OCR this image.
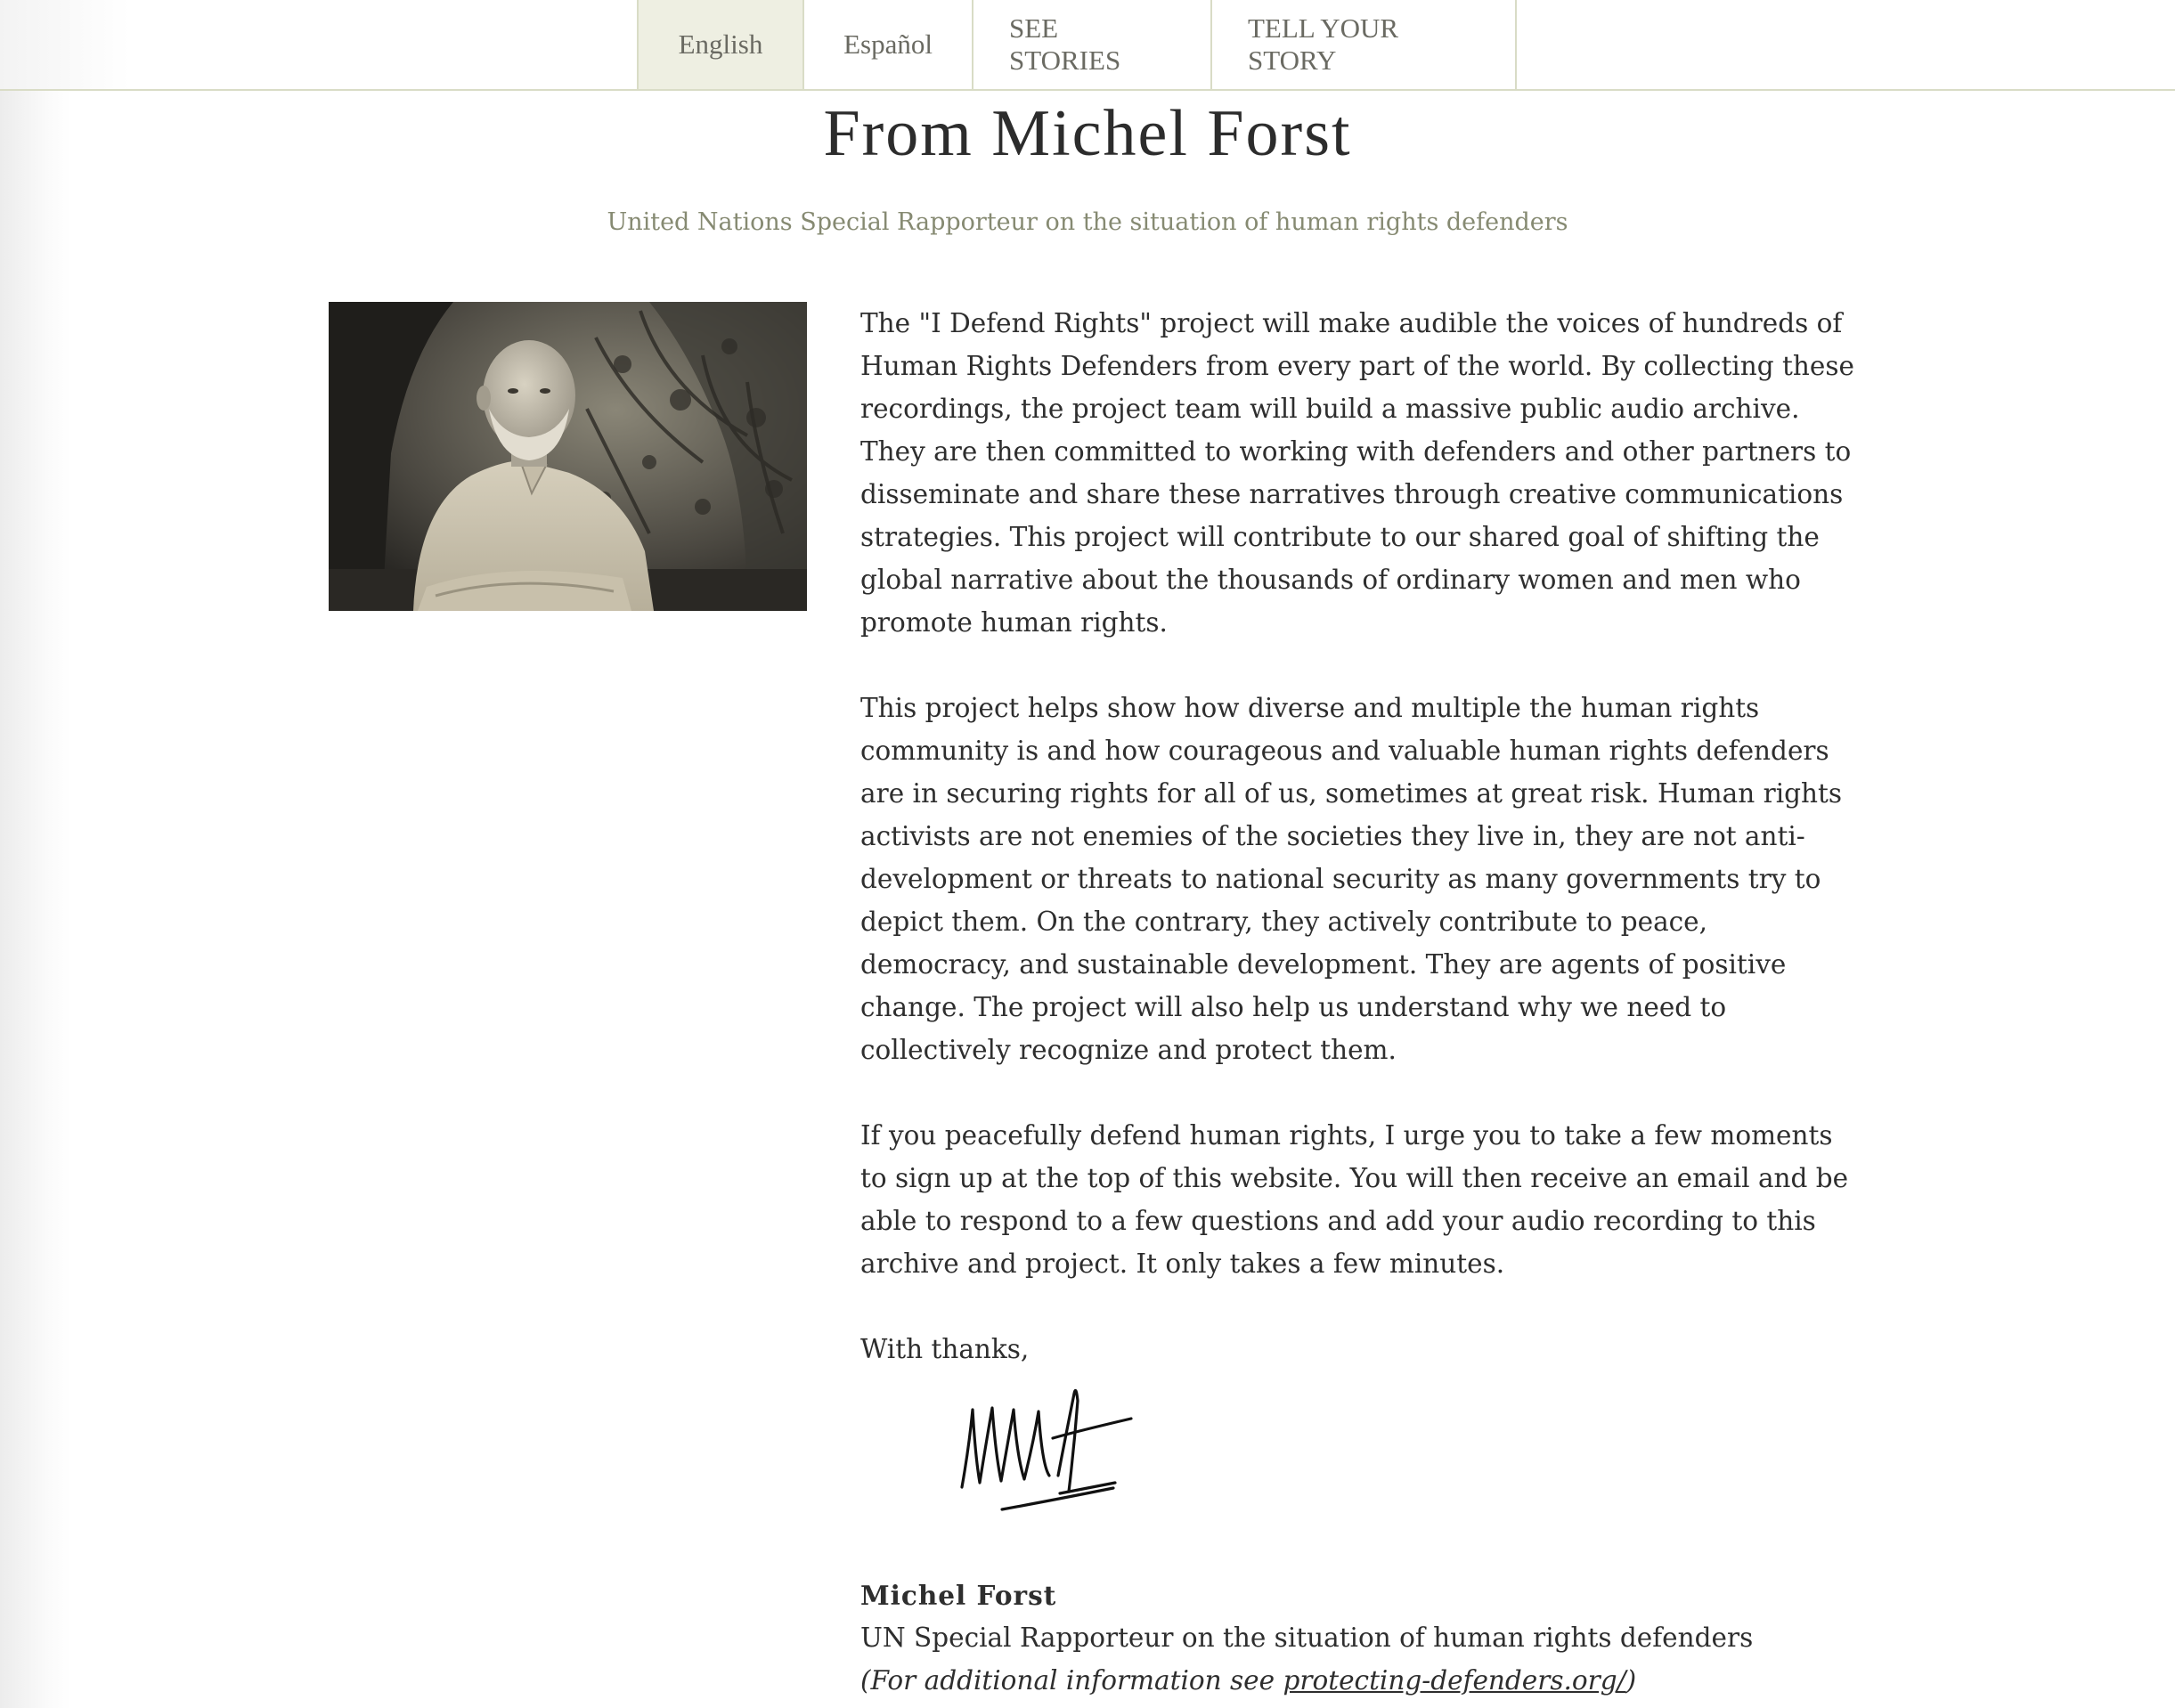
English	Español
SEE STORIES
TELL YOUR STORY
From Michel Forst
United Nations Special Rapporteur on the situation of human rights defenders

The "I Defend Rights" project will make audible the voices of hundreds of Human Rights Defenders from every part of the world. By collecting these recordings, the project team will build a massive public audio archive. They are then committed to working with defenders and other partners to disseminate and share these narratives through creative communications strategies. This project will contribute to our shared goal of shifting the global narrative about the thousands of ordinary women and men who promote human rights.

This project helps show how diverse and multiple the human rights community is and how courageous and valuable human rights defenders are in securing rights for all of us, sometimes at great risk. Human rights activists are not enemies of the societies they live in, they are not anti-development or threats to national security as many governments try to depict them. On the contrary, they actively contribute to peace, democracy, and sustainable development. They are agents of positive change. The project will also help us understand why we need to collectively recognize and protect them.

If you peacefully defend human rights, I urge you to take a few moments to sign up at the top of this website. You will then receive an email and be able to respond to a few questions and add your audio recording to this archive and project. It only takes a few minutes.

With thanks,

Michel Forst
UN Special Rapporteur on the situation of human rights defenders
(For additional information see protecting-defenders.org/)
